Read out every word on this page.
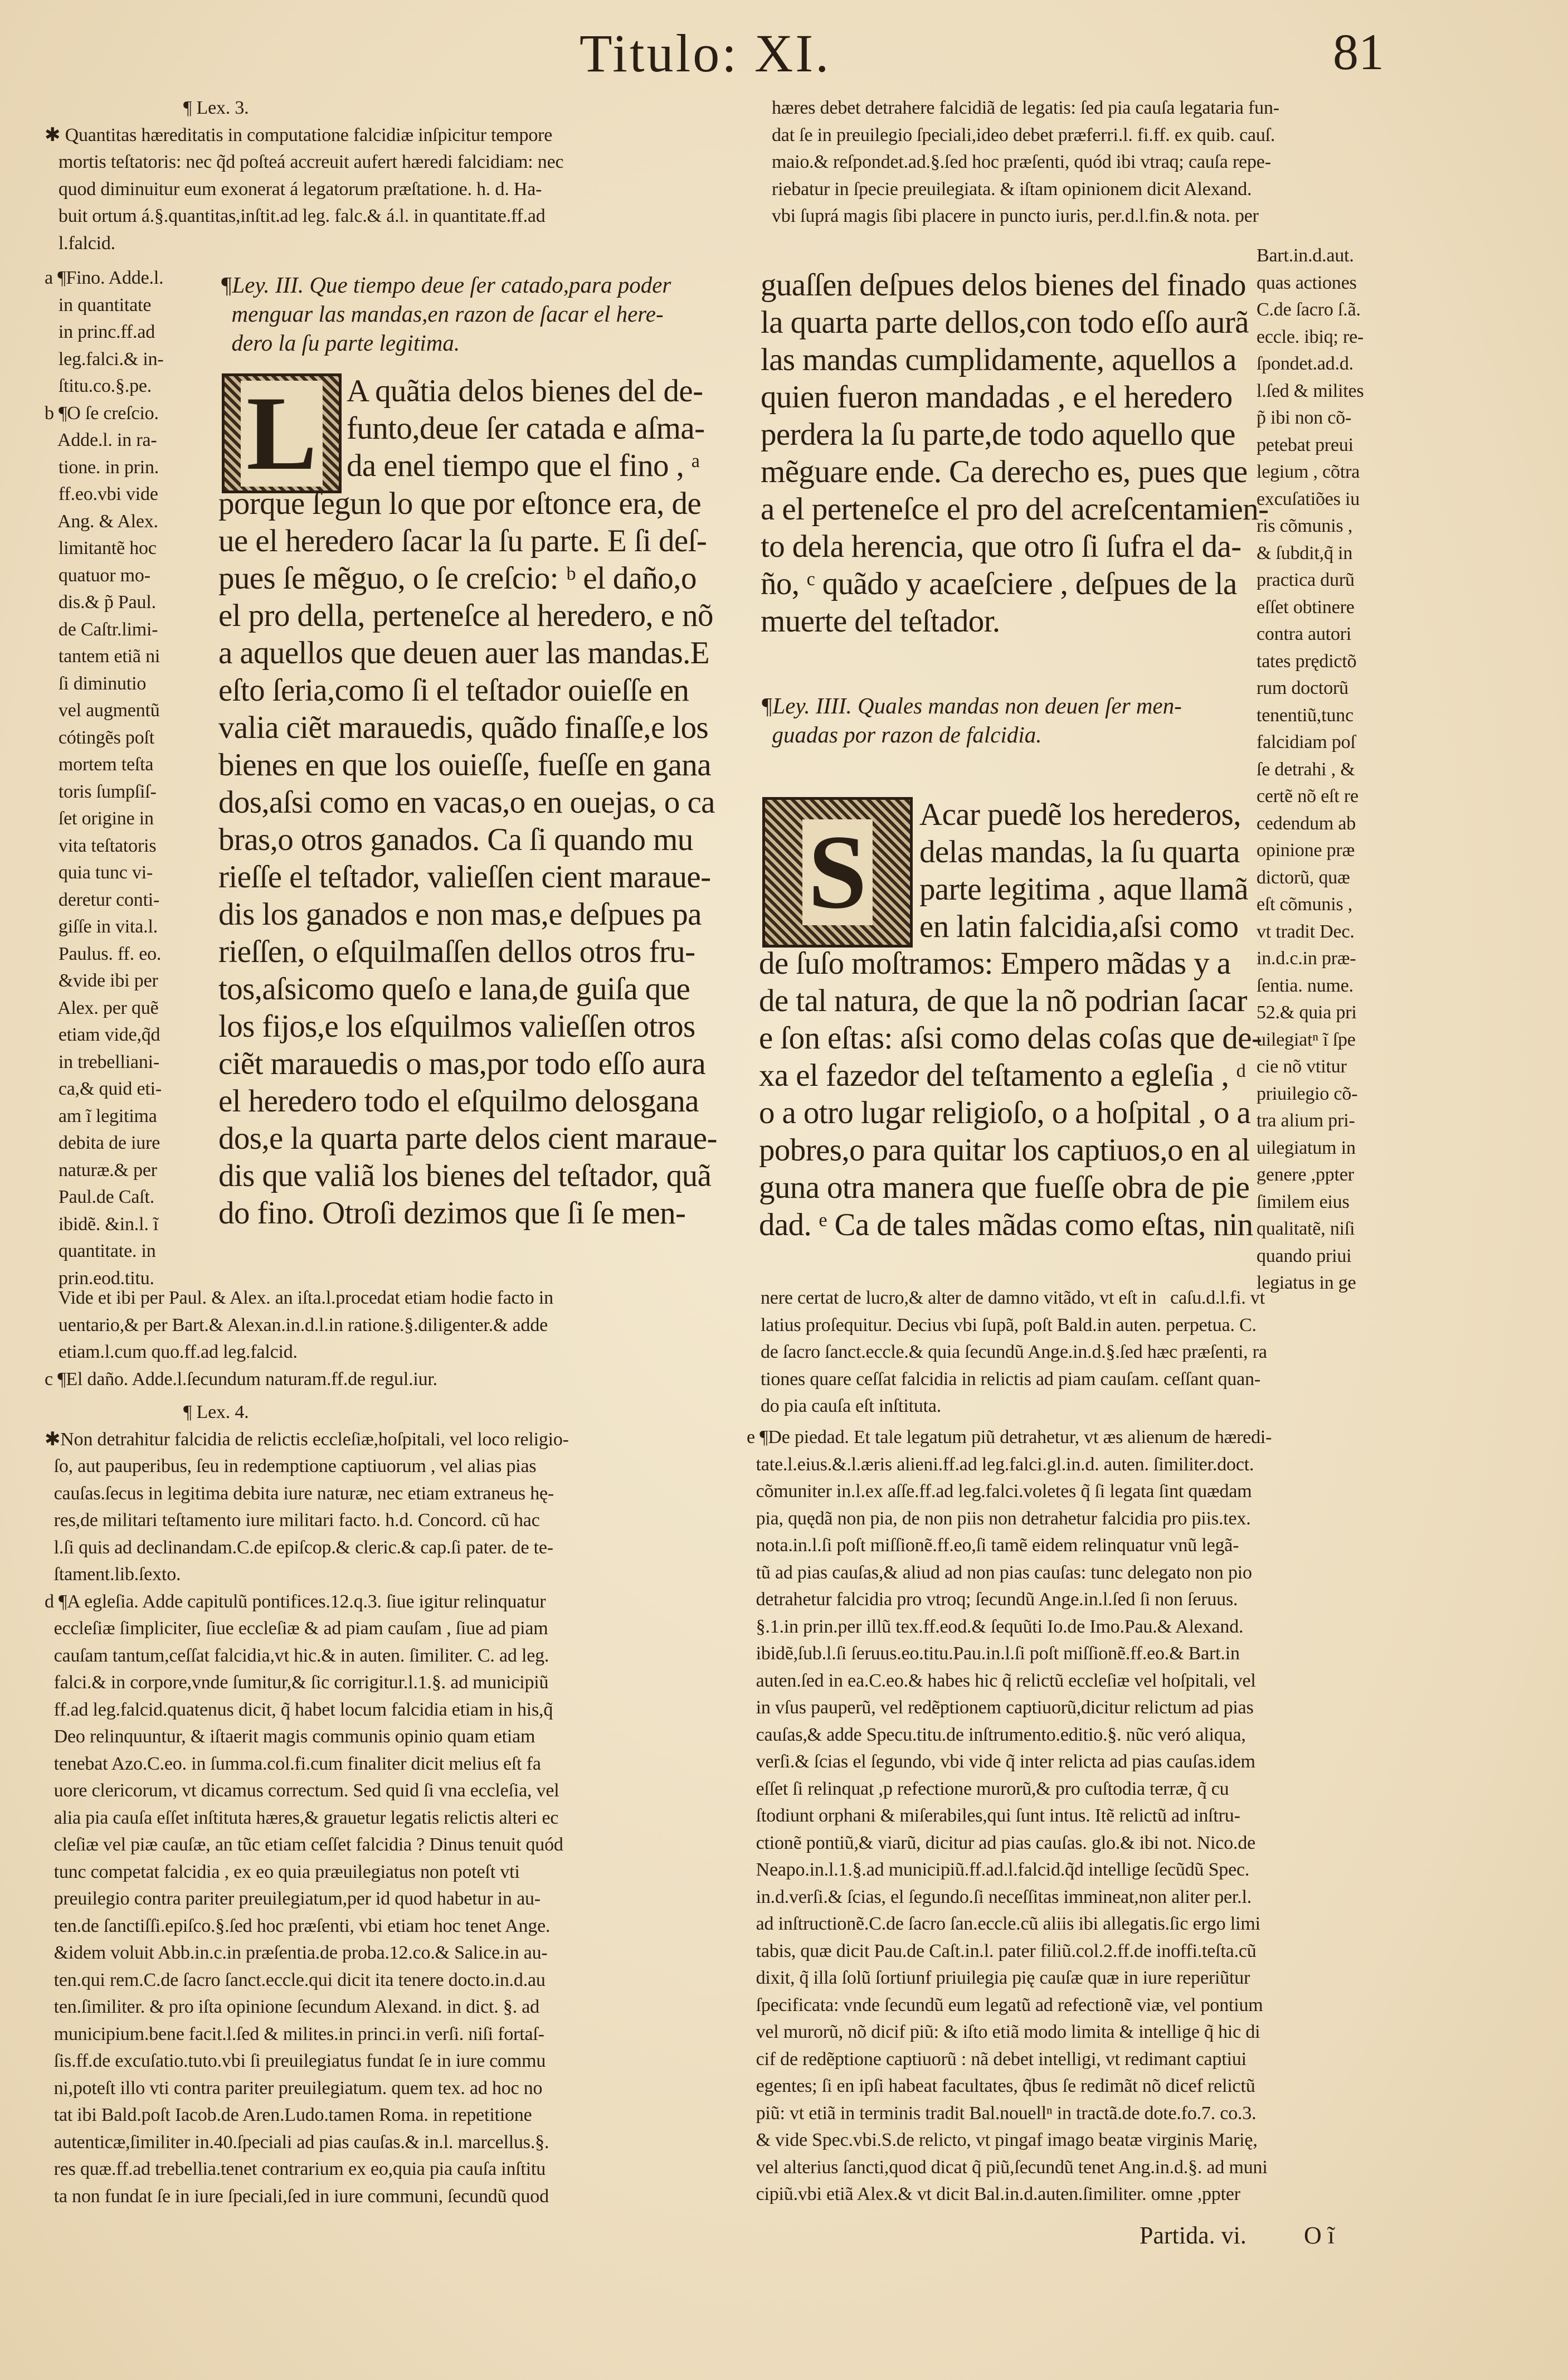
Titulo: XI.	81
¶ Lex. 3.
✱ Quantitas hæreditatis in computatione falcidiæ inſpicitur tempore
mortis teſtatoris: nec q̃d poſteá accreuit aufert hæredi falcidiam: nec
quod diminuitur eum exonerat á legatorum præſtatione. h. d. Ha-
buit ortum á.§.quantitas,inſtit.ad leg. falc.& á.l. in quantitate.ff.ad
l.falcid.
hæres debet detrahere falcidiã de legatis: ſed pia cauſa legataria fun-
dat ſe in preuilegio ſpeciali,ideo debet præferri.l. fi.ff. ex quib. cauſ.
maio.& reſpondet.ad.§.ſed hoc præſenti, quód ibi vtraq; cauſa repe-
riebatur in ſpecie preuilegiata. & iſtam opinionem dicit Alexand.
vbi ſuprá magis ſibi placere in puncto iuris, per.d.l.fin.& nota. per
a ¶Fino. Adde.l.
in quantitate
in princ.ff.ad
leg.falci.& in-
ſtitu.co.§.pe.
b ¶O ſe creſcio.
Adde.l. in ra-
tione. in prin.
ff.eo.vbi vide
Ang. & Alex.
limitantẽ hoc
quatuor mo-
dis.& p̃ Paul.
de Caſtr.limi-
tantem etiã ni
ſi diminutio
vel augmentũ
cótingẽs poſt
mortem teſta
toris ſumpſiſ-
ſet origine in
vita teſtatoris
quia tunc vi-
deretur conti-
giſſe in vita.l.
Paulus. ff. eo.
&vide ibi per
Alex. per quẽ
etiam vide,q̃d
in trebelliani-
ca,& quid eti-
am ĩ legitima
debita de iure
naturæ.& per
Paul.de Caſt.
ibidẽ. &in.l. ĩ
quantitate. in
prin.eod.titu.
¶Ley. III. Que tiempo deue ſer catado,para poder
menguar las mandas,en razon de ſacar el here-
dero la ſu parte legitima.
L A quãtia delos bienes del de-
funto,deue ſer catada e aſma-
da enel tiempo que el fino , ᵃ
porque ſegun lo que por eſtonce era, de
ue el heredero ſacar la ſu parte. E ſi deſ-
pues ſe mẽguo, o ſe creſcio: ᵇ el daño,o
el pro della, perteneſce al heredero, e nõ
a aquellos que deuen auer las mandas.E
eſto ſeria,como ſi el teſtador ouieſſe en
valia ciẽt marauedis, quãdo finaſſe,e los
bienes en que los ouieſſe, fueſſe en gana
dos,aſsi como en vacas,o en ouejas, o ca
bras,o otros ganados. Ca ſi quando mu
rieſſe el teſtador, valieſſen cient maraue-
dis los ganados e non mas,e deſpues pa
rieſſen, o eſquilmaſſen dellos otros fru-
tos,aſsicomo queſo e lana,de guiſa que
los fijos,e los eſquilmos valieſſen otros
ciẽt marauedis o mas,por todo eſſo aura
el heredero todo el eſquilmo delosgana
dos,e la quarta parte delos cient maraue-
dis que valiã los bienes del teſtador, quã
do fino. Otroſi dezimos que ſi ſe men-
guaſſen deſpues delos bienes del finado
la quarta parte dellos,con todo eſſo aurã
las mandas cumplidamente, aquellos a
quien fueron mandadas , e el heredero
perdera la ſu parte,de todo aquello que
mẽguare ende. Ca derecho es, pues que
a el perteneſce el pro del acreſcentamien-
to dela herencia, que otro ſi ſufra el da-
ño, ᶜ quãdo y acaeſciere , deſpues de la
muerte del teſtador.
Bart.in.d.aut.
quas actiones
C.de ſacro ſ.ã.
eccle. ibiq; re-
ſpondet.ad.d.
l.ſed & milites
p̃ ibi non cõ-
petebat preui
legium , cõtra
excuſatiões iu
ris cõmunis ,
& ſubdit,q̃ in
practica durũ
eſſet obtinere
contra autori
tates prędictõ
rum doctorũ
tenentiũ,tunc
falcidiam poſ
ſe detrahi , &
certẽ nõ eſt re
cedendum ab
opinione præ
dictorũ, quæ
eſt cõmunis ,
vt tradit Dec.
in.d.c.in præ-
ſentia. nume.
52.& quia pri
uilegiatⁿ ĩ ſpe
cie nõ vtitur
priuilegio cõ-
tra alium pri-
uilegiatum in
genere ,ppter
ſimilem eius
qualitatẽ, niſi
quando priui
legiatus in ge
¶Ley. IIII. Quales mandas non deuen ſer men-
guadas por razon de falcidia.
S Acar puedẽ los herederos,
delas mandas, la ſu quarta
parte legitima , aque llamã
en latin falcidia,aſsi como
de ſuſo moſtramos: Empero mãdas y a
de tal natura, de que la nõ podrian ſacar
e ſon eſtas: aſsi como delas coſas que de-
xa el fazedor del teſtamento a egleſia , ᵈ
o a otro lugar religioſo, o a hoſpital , o a
pobres,o para quitar los captiuos,o en al
guna otra manera que fueſſe obra de pie
dad. ᵉ Ca de tales mãdas como eſtas, nin
Vide et ibi per Paul. & Alex. an iſta.l.procedat etiam hodie facto in
uentario,& per Bart.& Alexan.in.d.l.in ratione.§.diligenter.& adde
etiam.l.cum quo.ff.ad leg.falcid.
c ¶El daño. Adde.l.ſecundum naturam.ff.de regul.iur.
nere certat de lucro,& alter de damno vitãdo, vt eſt in   caſu.d.l.fi. vt
latius proſequitur. Decius vbi ſupã, poſt Bald.in auten. perpetua. C.
de ſacro ſanct.eccle.& quia ſecundũ Ange.in.d.§.ſed hæc præſenti, ra
tiones quare ceſſat falcidia in relictis ad piam cauſam. ceſſant quan-
do pia cauſa eſt inſtituta.
¶ Lex. 4.
✱Non detrahitur falcidia de relictis eccleſiæ,hoſpitali, vel loco religio-
ſo, aut pauperibus, ſeu in redemptione captiuorum , vel alias pias
cauſas.ſecus in legitima debita iure naturæ, nec etiam extraneus hę-
res,de militari teſtamento iure militari facto. h.d. Concord. cũ hac
l.ſi quis ad declinandam.C.de epiſcop.& cleric.& cap.ſi pater. de te-
ſtament.lib.ſexto.
d ¶A egleſia. Adde capitulũ pontifices.12.q.3. ſiue igitur relinquatur
eccleſiæ ſimpliciter, ſiue eccleſiæ & ad piam cauſam , ſiue ad piam
cauſam tantum,ceſſat falcidia,vt hic.& in auten. ſimiliter. C. ad leg.
falci.& in corpore,vnde ſumitur,& ſic corrigitur.l.1.§. ad municipiũ
ff.ad leg.falcid.quatenus dicit, q̃ habet locum falcidia etiam in his,q̃
Deo relinquuntur, & iſtaerit magis communis opinio quam etiam
tenebat Azo.C.eo. in ſumma.col.fi.cum finaliter dicit melius eſt fa
uore clericorum, vt dicamus correctum. Sed quid ſi vna eccleſia, vel
alia pia cauſa eſſet inſtituta hæres,& grauetur legatis relictis alteri ec
cleſiæ vel piæ cauſæ, an tũc etiam ceſſet falcidia ? Dinus tenuit quód
tunc competat falcidia , ex eo quia præuilegiatus non poteſt vti
preuilegio contra pariter preuilegiatum,per id quod habetur in au-
ten.de ſanctiſſi.epiſco.§.ſed hoc præſenti, vbi etiam hoc tenet Ange.
&idem voluit Abb.in.c.in præſentia.de proba.12.co.& Salice.in au-
ten.qui rem.C.de ſacro ſanct.eccle.qui dicit ita tenere docto.in.d.au
ten.ſimiliter. & pro iſta opinione ſecundum Alexand. in dict. §. ad
municipium.bene facit.l.ſed & milites.in princi.in verſi. niſi fortaſ-
ſis.ff.de excuſatio.tuto.vbi ſi preuilegiatus fundat ſe in iure commu
ni,poteſt illo vti contra pariter preuilegiatum. quem tex. ad hoc no
tat ibi Bald.poſt Iacob.de Aren.Ludo.tamen Roma. in repetitione
autenticæ,ſimiliter in.40.ſpeciali ad pias cauſas.& in.l. marcellus.§.
res quæ.ff.ad trebellia.tenet contrarium ex eo,quia pia cauſa inſtitu
ta non fundat ſe in iure ſpeciali,ſed in iure communi, ſecundũ quod
e ¶De piedad. Et tale legatum piũ detrahetur, vt æs alienum de hæredi-
tate.l.eius.&.l.æris alieni.ff.ad leg.falci.gl.in.d. auten. ſimiliter.doct.
cõmuniter in.l.ex aſſe.ff.ad leg.falci.voletes q̃ ſi legata ſint quædam
pia, quędã non pia, de non piis non detrahetur falcidia pro piis.tex.
nota.in.l.ſi poſt miſſionẽ.ff.eo,ſi tamẽ eidem relinquatur vnũ legã-
tũ ad pias cauſas,& aliud ad non pias cauſas: tunc delegato non pio
detrahetur falcidia pro vtroq; ſecundũ Ange.in.l.ſed ſi non ſeruus.
§.1.in prin.per illũ tex.ff.eod.& ſequũti Io.de Imo.Pau.& Alexand.
ibidẽ,ſub.l.ſi ſeruus.eo.titu.Pau.in.l.ſi poſt miſſionẽ.ff.eo.& Bart.in
auten.ſed in ea.C.eo.& habes hic q̃ relictũ eccleſiæ vel hoſpitali, vel
in vſus pauperũ, vel redẽptionem captiuorũ,dicitur relictum ad pias
cauſas,& adde Specu.titu.de inſtrumento.editio.§. nũc veró aliqua,
verſi.& ſcias el ſegundo, vbi vide q̃ inter relicta ad pias cauſas.idem
eſſet ſi relinquat ,p refectione murorũ,& pro cuſtodia terræ, q̃ cu
ſtodiunt orphani & miſerabiles,qui ſunt intus. Itẽ relictũ ad inſtru-
ctionẽ pontiũ,& viarũ, dicitur ad pias cauſas. glo.& ibi not. Nico.de
Neapo.in.l.1.§.ad municipiũ.ff.ad.l.falcid.q̃d intellige ſecũdũ Spec.
in.d.verſi.& ſcias, el ſegundo.ſi neceſſitas immineat,non aliter per.l.
ad inſtructionẽ.C.de ſacro ſan.eccle.cũ aliis ibi allegatis.ſic ergo limi
tabis, quæ dicit Pau.de Caſt.in.l. pater filiũ.col.2.ff.de inoffi.teſta.cũ
dixit, q̃ illa ſolũ ſortiunf priuilegia pię cauſæ quæ in iure reperiũtur
ſpecificata: vnde ſecundũ eum legatũ ad refectionẽ viæ, vel pontium
vel murorũ, nõ dicif piũ: & iſto etiã modo limita & intellige q̃ hic di
cif de redẽptione captiuorũ : nã debet intelligi, vt redimant captiui
egentes; ſi en ipſi habeat facultates, q̃bus ſe redimãt nõ dicef relictũ
piũ: vt etiã in terminis tradit Bal.nouellⁿ in tractã.de dote.fo.7. co.3.
& vide Spec.vbi.S.de relicto, vt pingaf imago beatæ virginis Marię,
vel alterius ſancti,quod dicat q̃ piũ,ſecundũ tenet Ang.in.d.§. ad muni
cipiũ.vbi etiã Alex.& vt dicit Bal.in.d.auten.ſimiliter. omne ,ppter
Partida. vi. O ĩ
